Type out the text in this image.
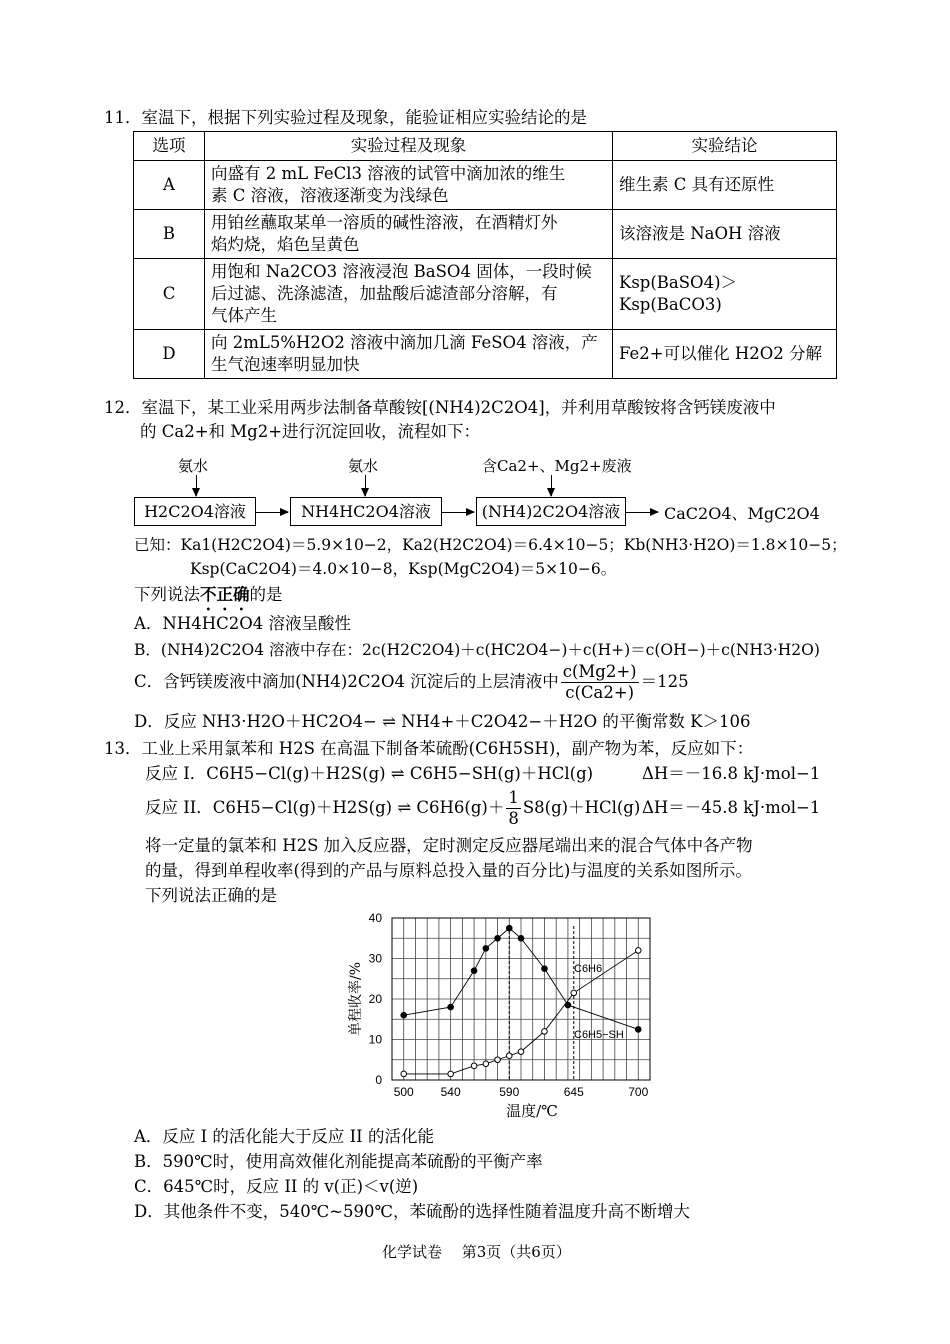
11．室温下，根据下列实验过程及现象，能验证相应实验结论的是
选项	实验过程及现象	实验结论
A	向盛有 2 mL FeCl3 溶液的试管中滴加浓的维生
素 C 溶液，溶液逐渐变为浅绿色	维生素 C 具有还原性
B	用铂丝蘸取某单一溶质的碱性溶液，在酒精灯外
焰灼烧，焰色呈黄色	该溶液是 NaOH 溶液
C	用饱和 Na2CO3 溶液浸泡 BaSO4 固体，一段时候
后过滤、洗涤滤渣，加盐酸后滤渣部分溶解，有
气体产生	Ksp(BaSO4)＞Ksp(BaCO3)
D	向 2mL5%H2O2 溶液中滴加几滴 FeSO4 溶液，产
生气泡速率明显加快	Fe2+可以催化 H2O2 分解
12．室温下，某工业采用两步法制备草酸铵[(NH4)2C2O4]，并利用草酸铵将含钙镁废液中
的 Ca2+和 Mg2+进行沉淀回收，流程如下：
氨水	氨水	含Ca2+、Mg2+废液
H2C2O4溶液	NH4HC2O4溶液	(NH4)2C2O4溶液	CaC2O4、MgC2O4
已知：Ka1(H2C2O4)＝5.9×10−2，Ka2(H2C2O4)＝6.4×10−5；Kb(NH3·H2O)＝1.8×10−5；
Ksp(CaC2O4)＝4.0×10−8，Ksp(MgC2O4)＝5×10−6。
下列说法不正确的是
A．NH4HC2O4 溶液呈酸性
B．(NH4)2C2O4 溶液中存在：2c(H2C2O4)＋c(HC2O4−)＋c(H+)＝c(OH−)＋c(NH3·H2O)
C．含钙镁废液中滴加(NH4)2C2O4 沉淀后的上层清液中 $\frac{c(Mg2+)}{c(Ca2+)} =125$
D．反应 NH3·H2O＋HC2O4− ⇌ NH4+＋C2O42−＋H2O 的平衡常数 K＞106
13．工业上采用氯苯和 H2S 在高温下制备苯硫酚(C6H5SH)，副产物为苯，反应如下：
反应 I．C6H5−Cl(g)＋H2S(g) ⇌ C6H5−SH(g)＋HCl(g)	ΔH＝－16.8 kJ·mol−1
反应 II．C6H5−Cl(g)＋H2S(g) ⇌ $C6H6(g)+ \frac{1}{8} S8(g)+HCl(g)$ ΔH＝－45.8 kJ·mol−1
将一定量的氯苯和 H2S 加入反应器，定时测定反应器尾端出来的混合气体中各产物
的量，得到单程收率(得到的产品与原料总投入量的百分比)与温度的关系如图所示。
下列说法正确的是
500 540	590	645	700
0
10
20
30
40
温度/℃
单程收率/%	C6H6
C6H5−SH
A．反应 I 的活化能大于反应 II 的活化能
B．590℃时，使用高效催化剂能提高苯硫酚的平衡产率
C．645℃时，反应 II 的 v(正)＜v(逆)
D．其他条件不变，540℃~590℃，苯硫酚的选择性随着温度升高不断增大
化学试卷　 第3页（共6页）
